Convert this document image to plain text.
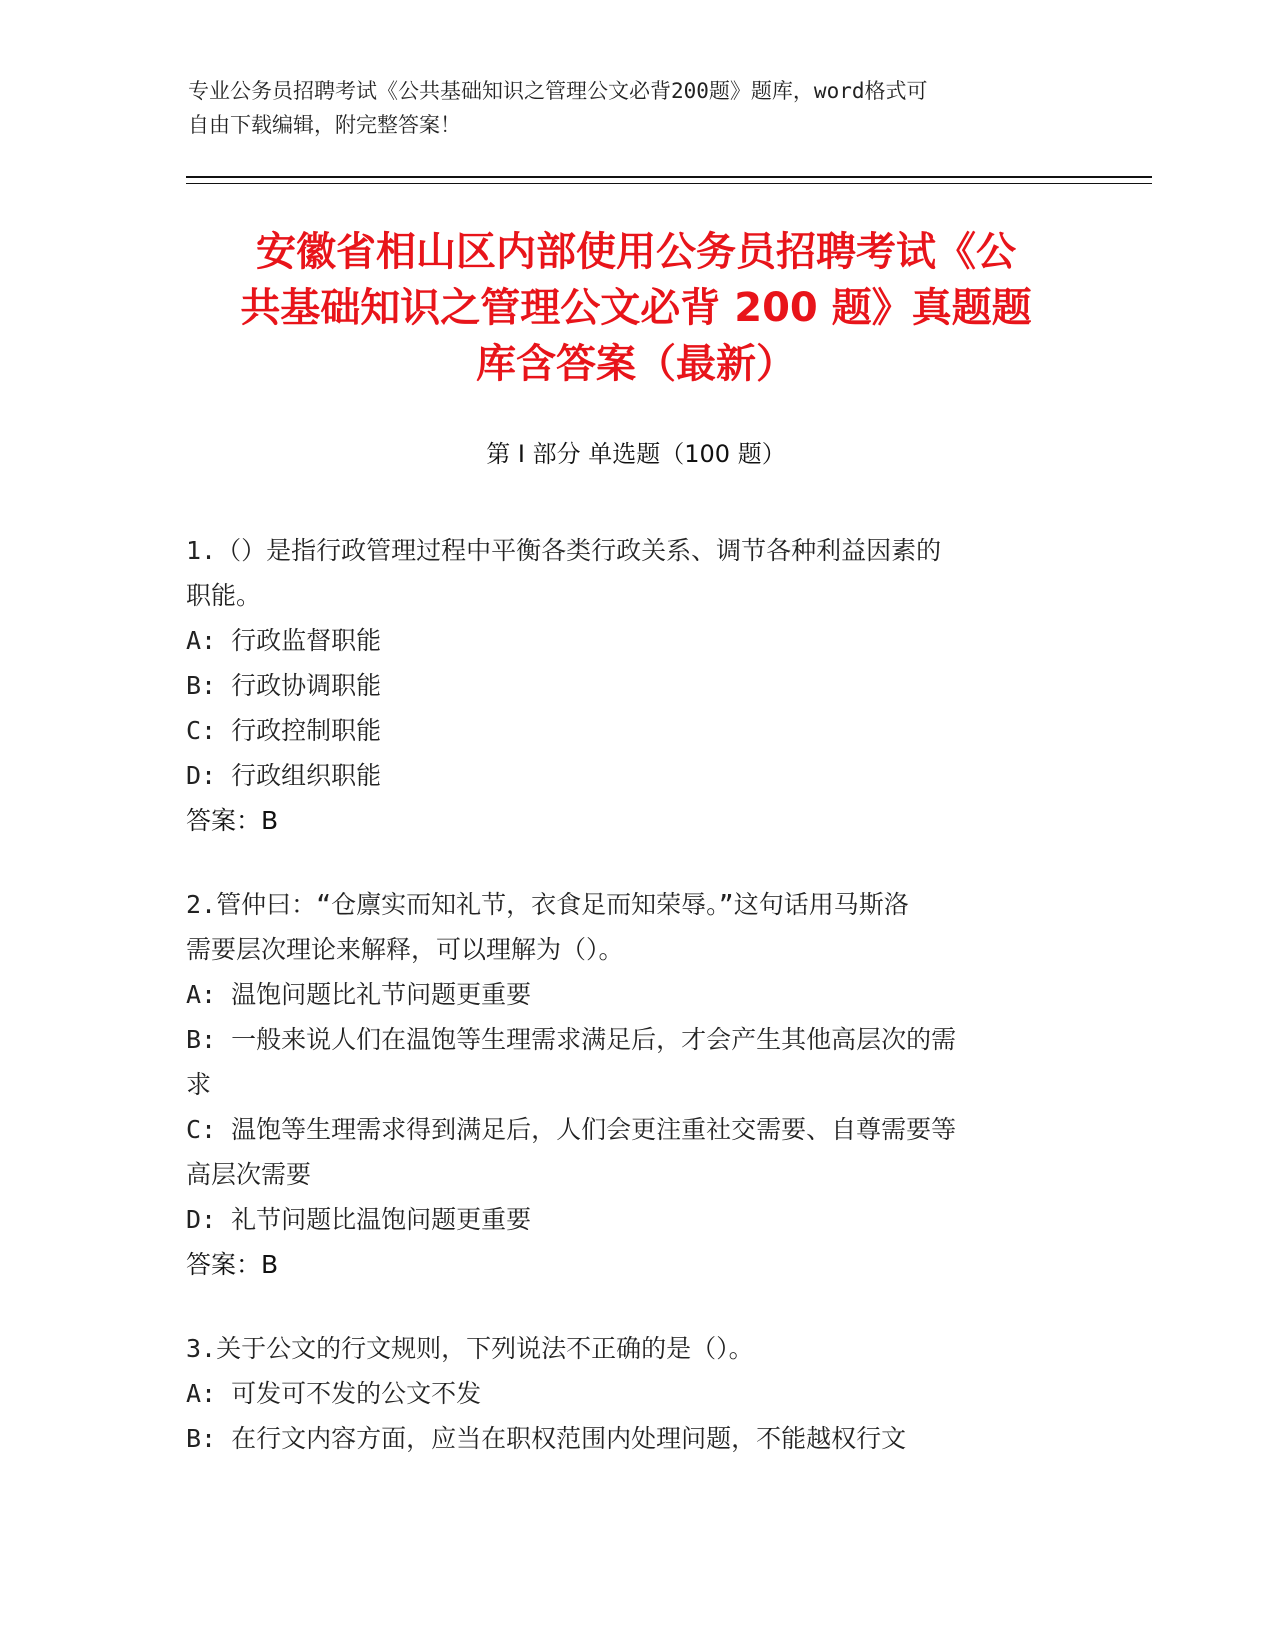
专业公务员招聘考试《公共基础知识之管理公文必背200题》题库，word格式可
自由下载编辑，附完整答案！
安徽省相山区内部使用公务员招聘考试《公
共基础知识之管理公文必背 200 题》真题题
库含答案（最新）
第 I 部分 单选题（100 题）
1.（）是指行政管理过程中平衡各类行政关系、调节各种利益因素的
职能。
A: 行政监督职能
B: 行政协调职能
C: 行政控制职能
D: 行政组织职能
答案：B
2.管仲曰：“仓廪实而知礼节，衣食足而知荣辱。”这句话用马斯洛
需要层次理论来解释，可以理解为（）。
A: 温饱问题比礼节问题更重要
B: 一般来说人们在温饱等生理需求满足后，才会产生其他高层次的需
求
C: 温饱等生理需求得到满足后，人们会更注重社交需要、自尊需要等
高层次需要
D: 礼节问题比温饱问题更重要
答案：B
3.关于公文的行文规则，下列说法不正确的是（）。
A: 可发可不发的公文不发
B: 在行文内容方面，应当在职权范围内处理问题，不能越权行文
